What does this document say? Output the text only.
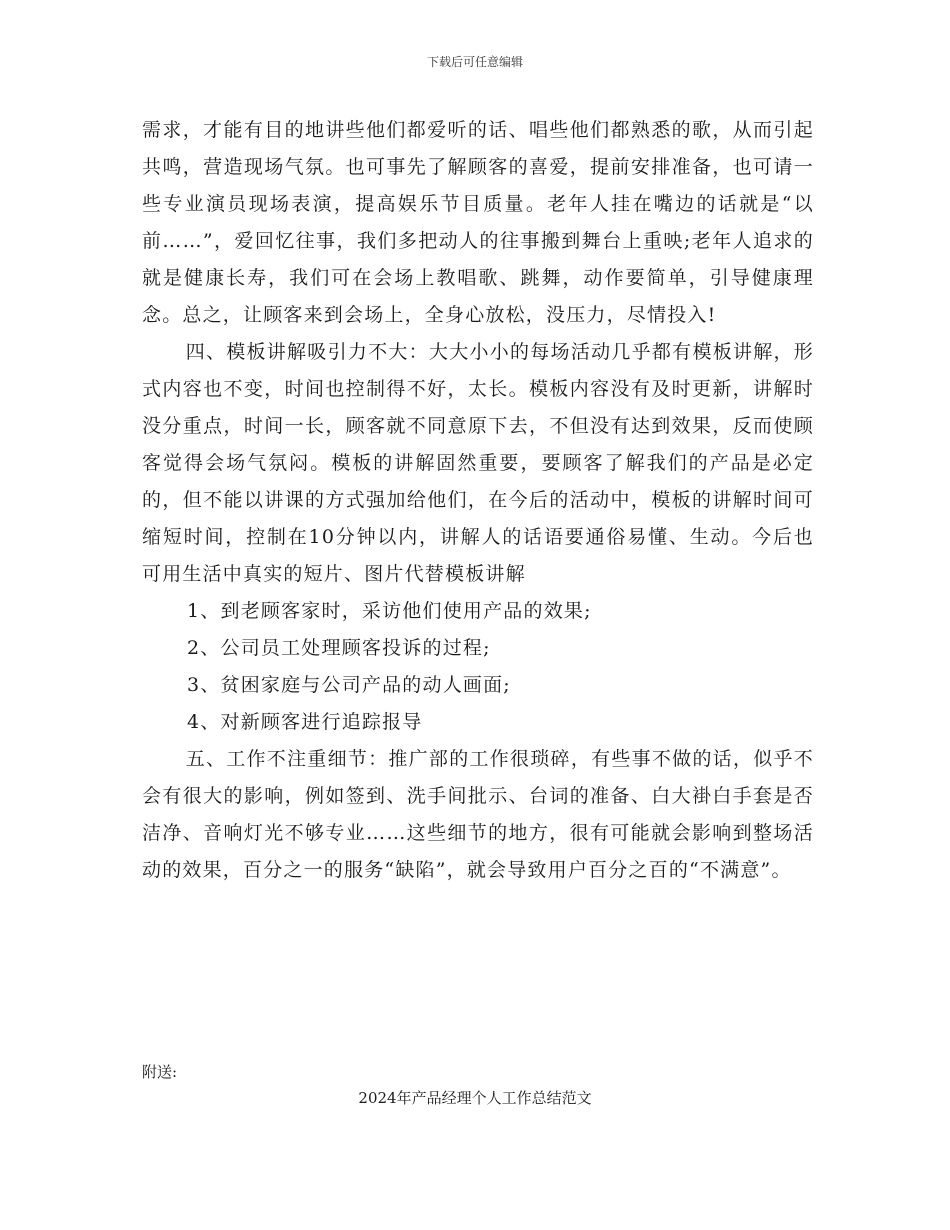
下载后可任意编辑

需求，才能有目的地讲些他们都爱听的话、唱些他们都熟悉的歌，从而引起共鸣，营造现场气氛。也可事先了解顾客的喜爱，提前安排准备，也可请一些专业演员现场表演，提高娱乐节目质量。老年人挂在嘴边的话就是“以前……”，爱回忆往事，我们多把动人的往事搬到舞台上重映;老年人追求的就是健康长寿，我们可在会场上教唱歌、跳舞，动作要简单，引导健康理念。总之，让顾客来到会场上，全身心放松，没压力，尽情投入!

四、模板讲解吸引力不大：大大小小的每场活动几乎都有模板讲解，形式内容也不变，时间也控制得不好，太长。模板内容没有及时更新，讲解时没分重点，时间一长，顾客就不同意原下去，不但没有达到效果，反而使顾客觉得会场气氛闷。模板的讲解固然重要，要顾客了解我们的产品是必定的，但不能以讲课的方式强加给他们，在今后的活动中，模板的讲解时间可缩短时间，控制在10分钟以内，讲解人的话语要通俗易懂、生动。今后也可用生活中真实的短片、图片代替模板讲解

1、到老顾客家时，采访他们使用产品的效果;

2、公司员工处理顾客投诉的过程;

3、贫困家庭与公司产品的动人画面;

4、对新顾客进行追踪报导

五、工作不注重细节：推广部的工作很琐碎，有些事不做的话，似乎不会有很大的影响，例如签到、洗手间批示、台词的准备、白大褂白手套是否洁净、音响灯光不够专业……这些细节的地方，很有可能就会影响到整场活动的效果，百分之一的服务“缺陷”，就会导致用户百分之百的“不满意”。

附送:
2024年产品经理个人工作总结范文
